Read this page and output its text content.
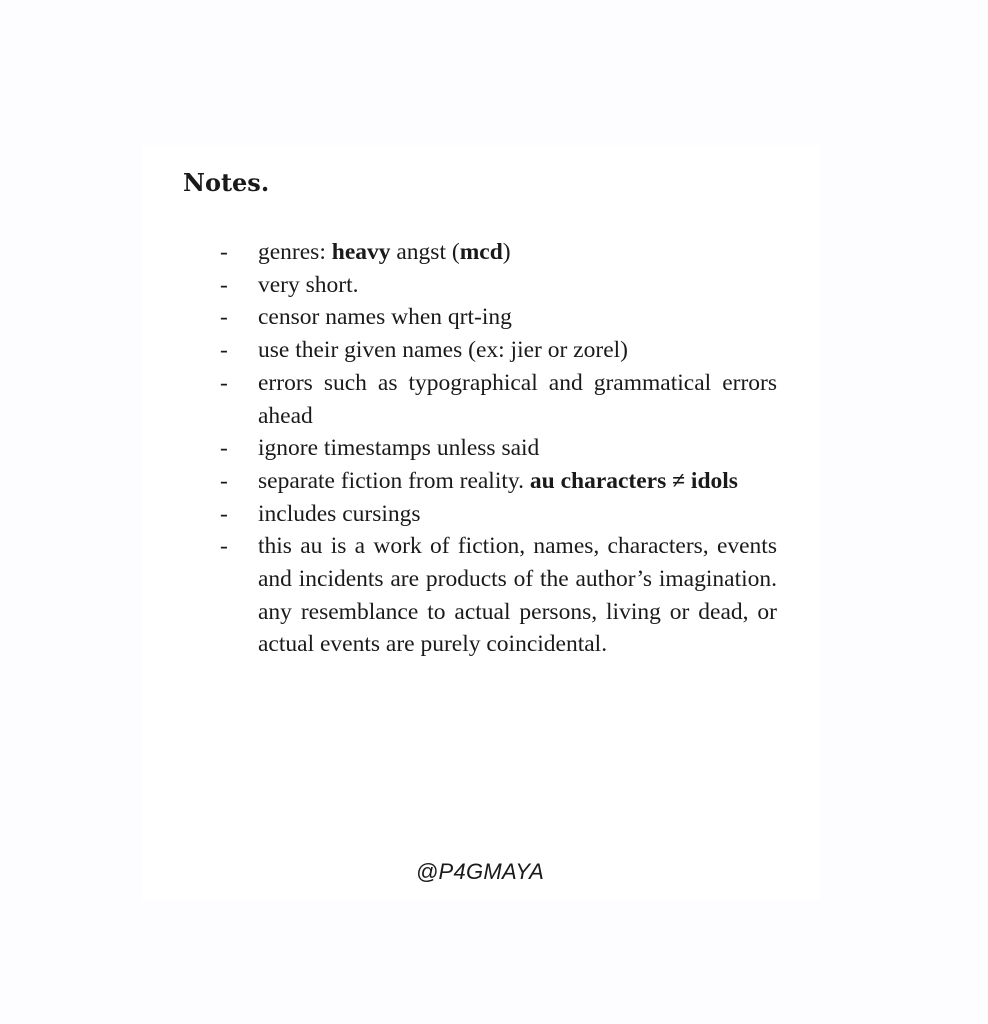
Notes.
- genres: heavy angst (mcd)
- very short.
- censor names when qrt-ing
- use their given names (ex: jier or zorel)
- errors such as typographical and grammatical errors ahead
- ignore timestamps unless said
- separate fiction from reality. au characters ≠ idols
- includes cursings
- this au is a work of fiction, names, characters, events and incidents are products of the author’s imagination. any resemblance to actual persons, living or dead, or actual events are purely coincidental.
@P4GMAYA
